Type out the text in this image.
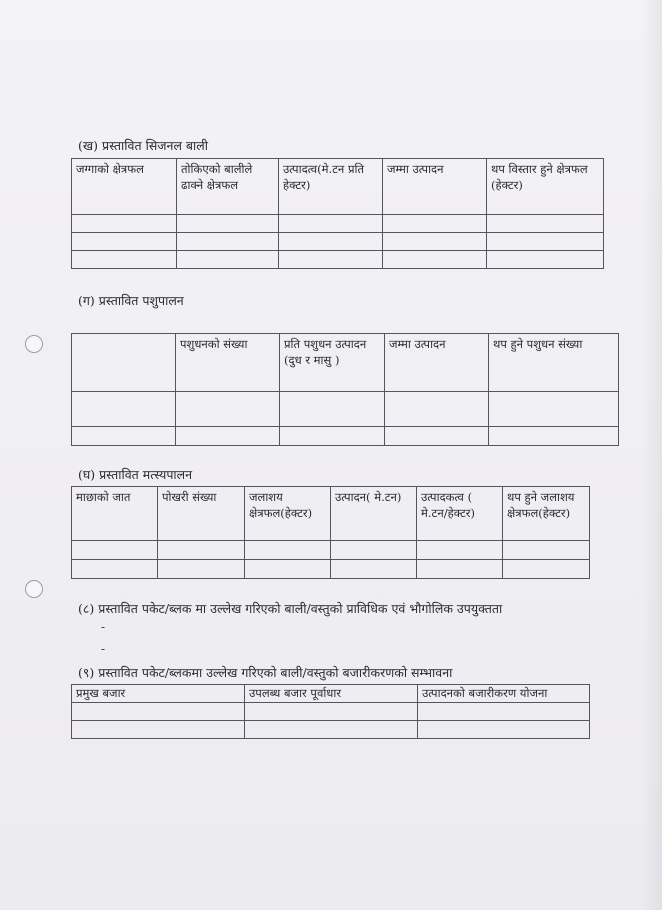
(ख) प्रस्तावित सिजनल बाली
जग्गाको क्षेत्रफल	तोकिएको बालीले ढाक्ने क्षेत्रफल	उत्पादत्व(मे.टन प्रति हेक्टर)	जम्मा उत्पादन	थप विस्तार हुने क्षेत्रफल (हेक्टर)

(ग) प्रस्तावित पशुपालन
	पशुधनको संख्या	प्रति पशुधन उत्पादन (दुध र मासु )	जम्मा उत्पादन	थप हुने पशुधन संख्या

(घ) प्रस्तावित मत्स्यपालन
माछाको जात	पोखरी संख्या	जलाशय क्षेत्रफल(हेक्टर)	उत्पादन( मे.टन)	उत्पादकत्व ( मे.टन/हेक्टर)	थप हुने जलाशय क्षेत्रफल(हेक्टर)

(८) प्रस्तावित पकेट/ब्लक मा उल्लेख गरिएको बाली/वस्तुको प्राविधिक एवं भौगोलिक उपयुक्तता
-
-
(९) प्रस्तावित पकेट/ब्लकमा उल्लेख गरिएको बाली/वस्तुको बजारीकरणको सम्भावना
प्रमुख बजार	उपलब्ध बजार पूर्वाधार	उत्पादनको बजारीकरण योजना
